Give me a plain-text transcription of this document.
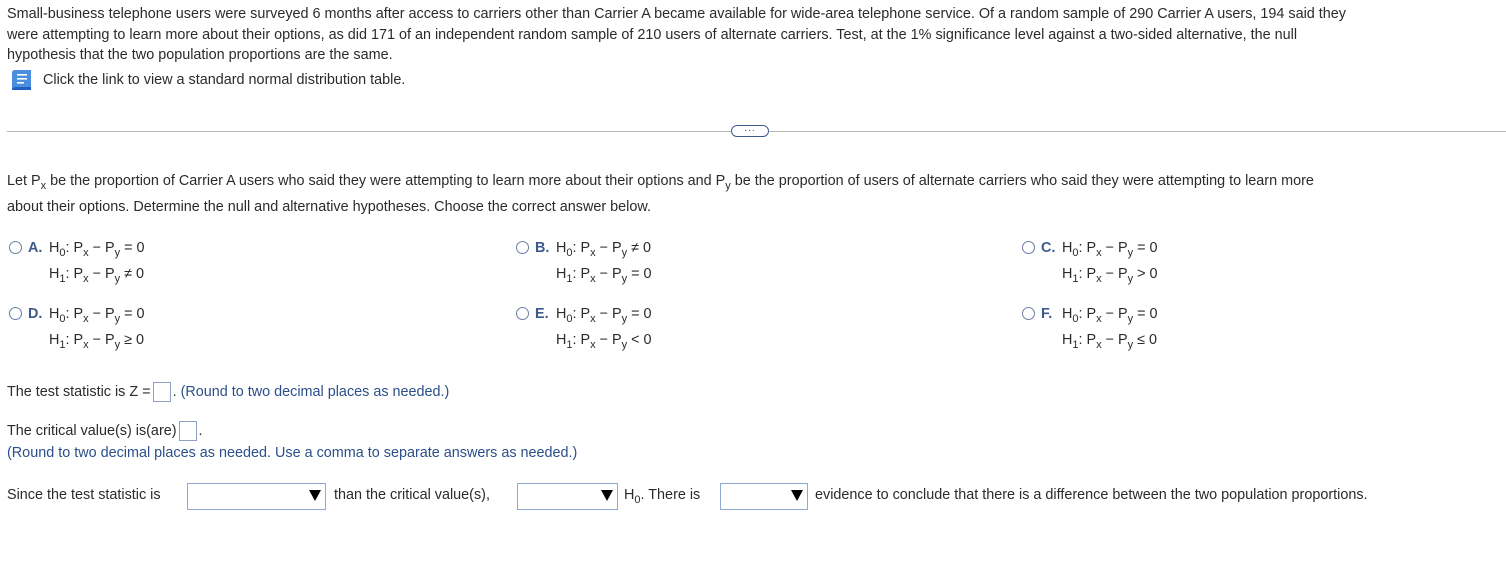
Small-business telephone users were surveyed 6 months after access to carriers other than Carrier A became available for wide-area telephone service. Of a random sample of 290 Carrier A users, 194 said they
were attempting to learn more about their options, as did 171 of an independent random sample of 210 users of alternate carriers. Test, at the 1% significance level against a two-sided alternative, the null
hypothesis that the two population proportions are the same.
Click the link to view a standard normal distribution table.
...
Let $P_x$ be the proportion of Carrier A users who said they were attempting to learn more about their options and $P_y$ be the proportion of users of alternate carriers who said they were attempting to learn more
about their options. Determine the null and alternative hypotheses. Choose the correct answer below.
A. $H_0$: $P_x - P_y = 0$
$H_1$: $P_x - P_y \ne 0$
B. $H_0$: $P_x - P_y \ne 0$
$H_1$: $P_x - P_y = 0$
C. $H_0$: $P_x - P_y = 0$
$H_1$: $P_x - P_y > 0$
D. $H_0$: $P_x - P_y = 0$
$H_1$: $P_x - P_y \ge 0$
E. $H_0$: $P_x - P_y = 0$
$H_1$: $P_x - P_y < 0$
F. $H_0$: $P_x - P_y = 0$
$H_1$: $P_x - P_y \le 0$
The test statistic is Z = . (Round to two decimal places as needed.)
The critical value(s) is(are) .
(Round to two decimal places as needed. Use a comma to separate answers as needed.)
Since the test statistic is	than the critical value(s),	$H_0$. There is	evidence to conclude that there is a difference between the two population proportions.
